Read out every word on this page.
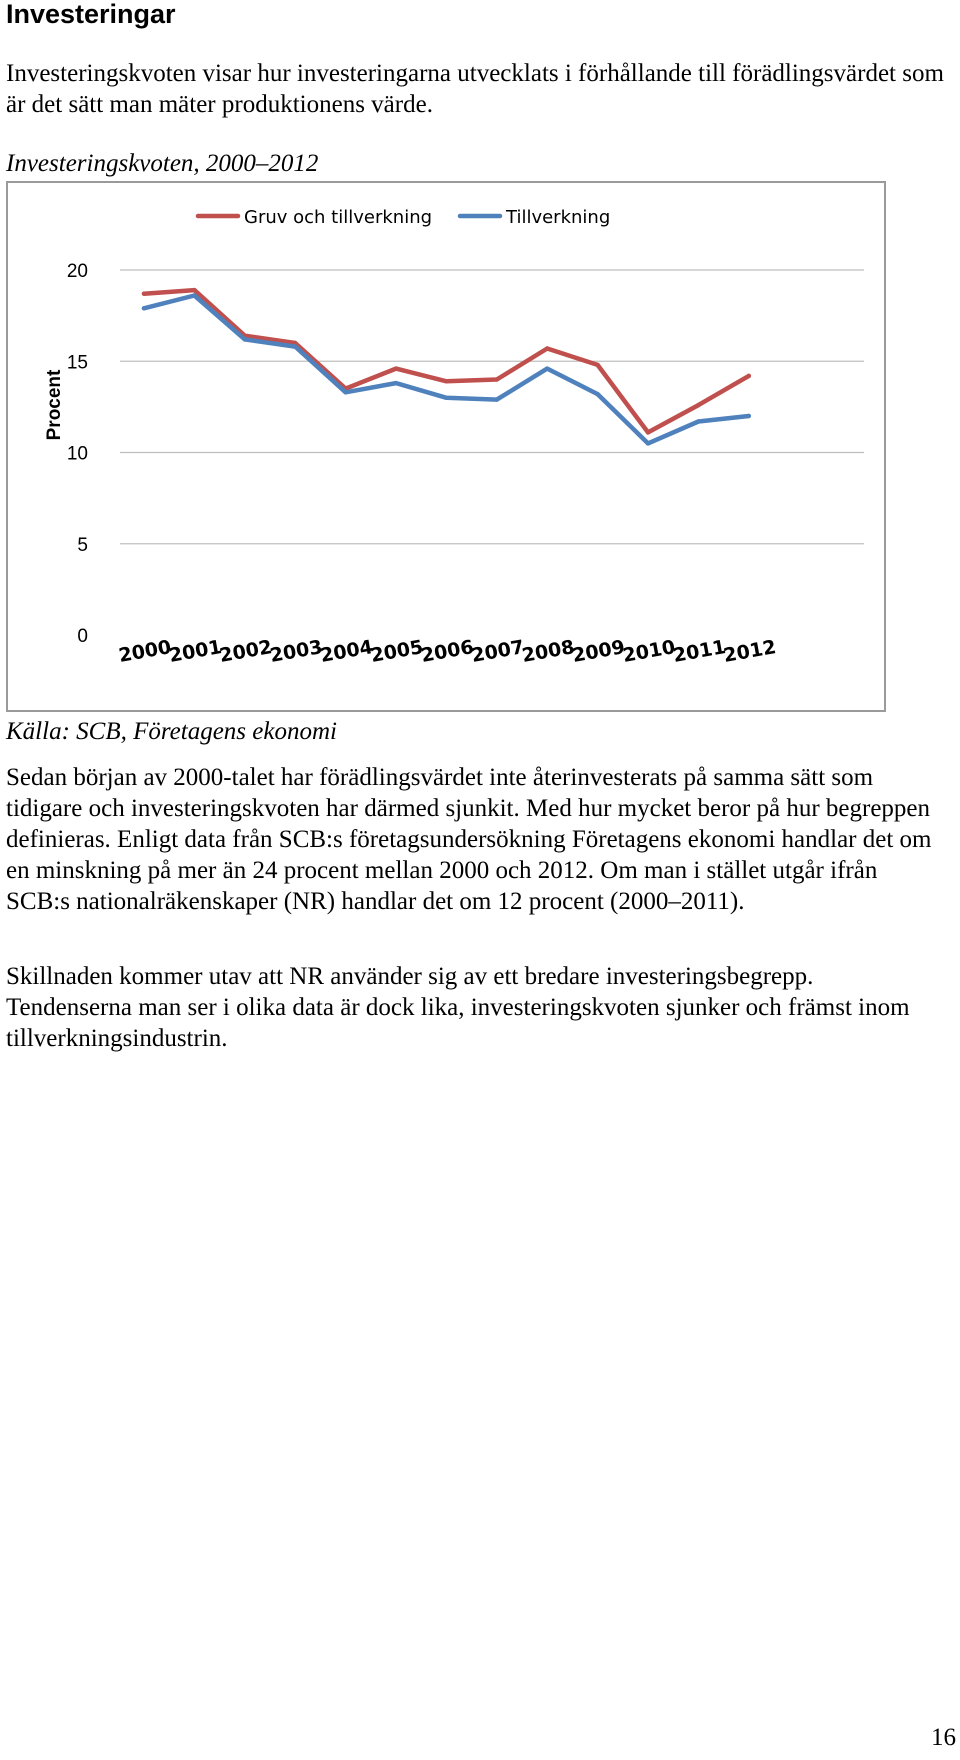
Investeringar

Investeringskvoten visar hur investeringarna utvecklats i förhållande till förädlingsvärdet som är det sätt man mäter produktionens värde.

Investeringskvoten, 2000–2012

0
5
10
15
20
2000
2001
2002
2003
2004
2005
2006
2007
2008
2009
2010
2011
2012
Gruv och tillverkning	Tillverkning
Procent

Källa: SCB, Företagens ekonomi

Sedan början av 2000-talet har förädlingsvärdet inte återinvesterats på samma sätt som tidigare och investeringskvoten har därmed sjunkit. Med hur mycket beror på hur begreppen definieras. Enligt data från SCB:s företagsundersökning Företagens ekonomi handlar det om en minskning på mer än 24 procent mellan 2000 och 2012. Om man i stället utgår ifrån SCB:s nationalräkenskaper (NR) handlar det om 12 procent (2000–2011).

Skillnaden kommer utav att NR använder sig av ett bredare investeringsbegrepp. Tendenserna man ser i olika data är dock lika, investeringskvoten sjunker och främst inom tillverkningsindustrin.

16
